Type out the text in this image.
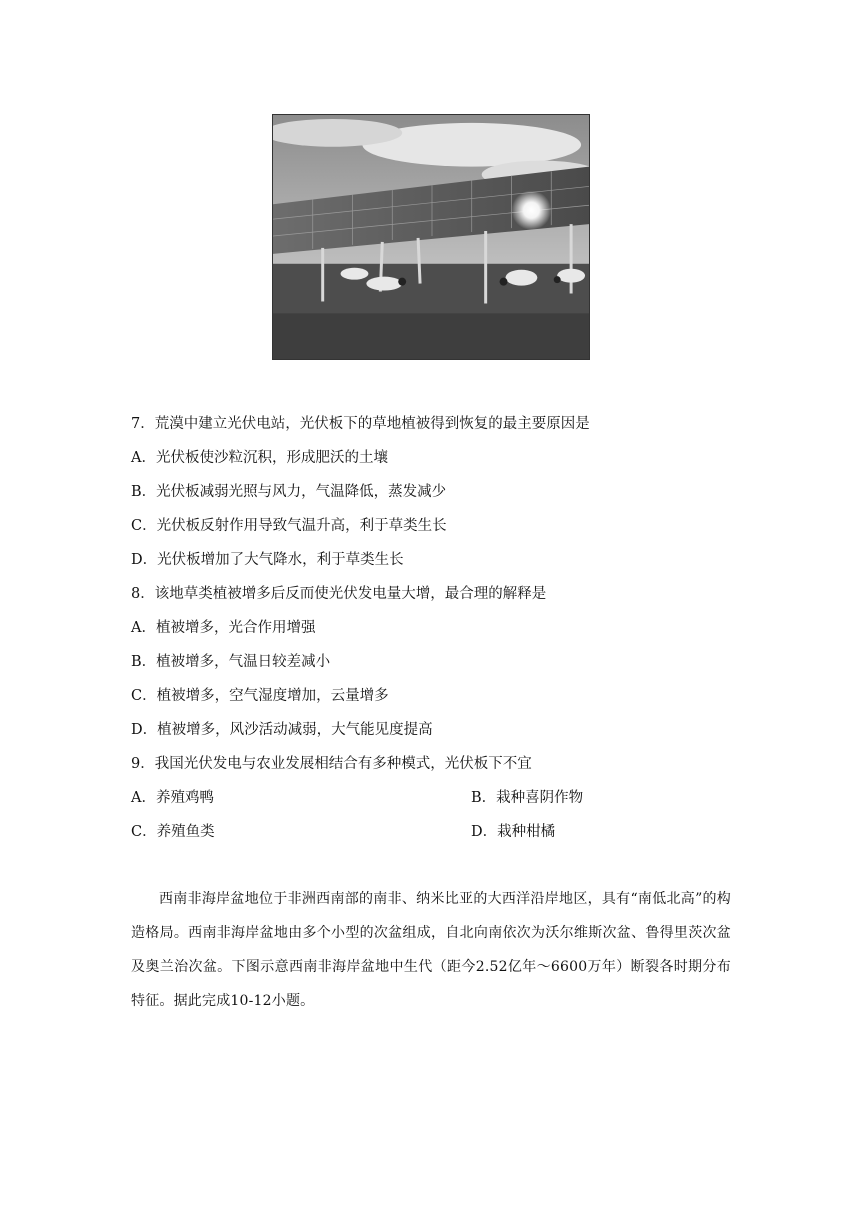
7．荒漠中建立光伏电站，光伏板下的草地植被得到恢复的最主要原因是
A．光伏板使沙粒沉积，形成肥沃的土壤
B．光伏板减弱光照与风力，气温降低，蒸发减少
C．光伏板反射作用导致气温升高，利于草类生长
D．光伏板增加了大气降水，利于草类生长
8．该地草类植被增多后反而使光伏发电量大增，最合理的解释是
A．植被增多，光合作用增强
B．植被增多，气温日较差减小
C．植被增多，空气湿度增加，云量增多
D．植被增多，风沙活动减弱，大气能见度提高
9．我国光伏发电与农业发展相结合有多种模式，光伏板下不宜
A．养殖鸡鸭	B．栽种喜阴作物
C．养殖鱼类	D．栽种柑橘
西南非海岸盆地位于非洲西南部的南非、纳米比亚的大西洋沿岸地区，具有“南低北高”的构造格局。西南非海岸盆地由多个小型的次盆组成，自北向南依次为沃尔维斯次盆、鲁得里茨次盆及奥兰治次盆。下图示意西南非海岸盆地中生代（距今2.52亿年～6600万年）断裂各时期分布特征。据此完成10-12小题。
